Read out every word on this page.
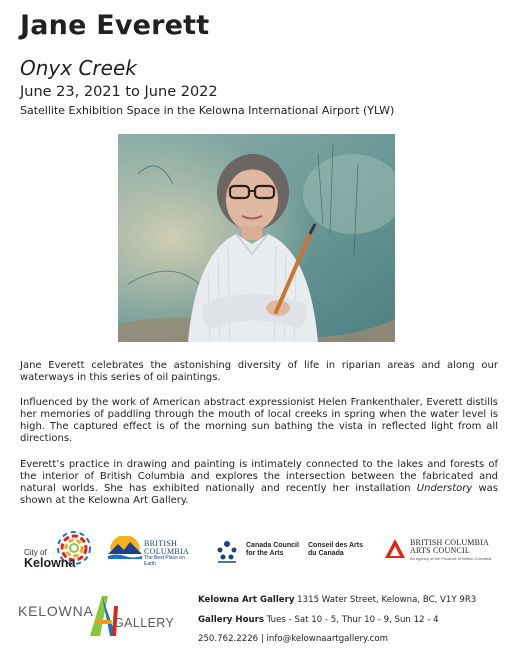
Jane Everett
Onyx Creek
June 23, 2021 to June 2022
Satellite Exhibition Space in the Kelowna International Airport (YLW)

Jane Everett celebrates the astonishing diversity of life in riparian areas and along our waterways in this series of oil paintings.

Influenced by the work of American abstract expressionist Helen Frankenthaler, Everett distills her memories of paddling through the mouth of local creeks in spring when the water level is high. The captured effect is of the morning sun bathing the vista in reflected light from all directions.

Everett’s practice in drawing and painting is intimately connected to the lakes and forests of the interior of British Columbia and explores the intersection between the fabricated and natural worlds. She has exhibited nationally and recently her installation Understory was shown at the Kelowna Art Gallery.

City of
Kelowna
BRITISH
COLUMBIA
The Best Place on Earth
Canada Council
for the Arts
Conseil des Arts
du Canada
BRITISH COLUMBIA
ARTS COUNCIL
An agency of the Province of British Columbia
KELOWNA
GALLERY
Kelowna Art Gallery 1315 Water Street, Kelowna, BC, V1Y 9R3
Gallery Hours Tues - Sat 10 - 5, Thur 10 - 9, Sun 12 - 4
250.762.2226 | info@kelownaartgallery.com
